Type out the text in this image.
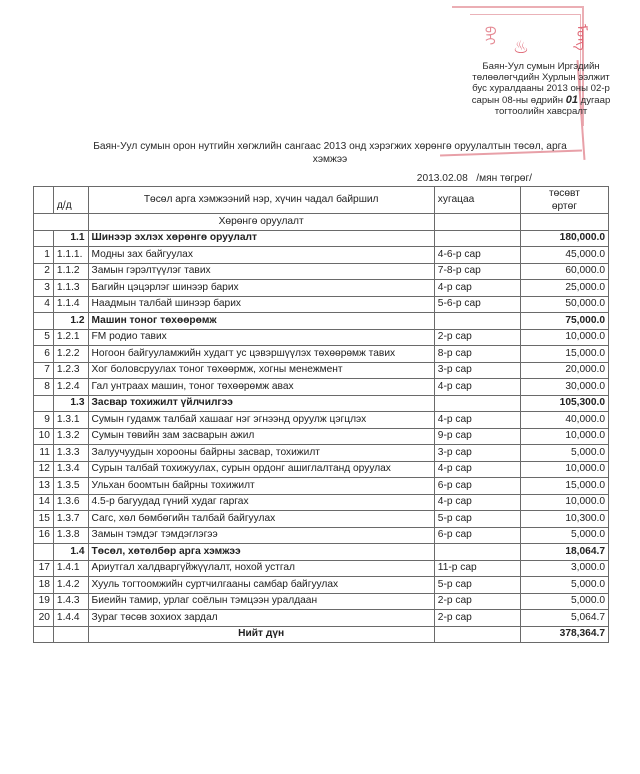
ᠪᠠᠶ
♨	ᠮᠣᠩ
Баян-Уул сумын Иргэдийн
төлөөлөгчдийн Хурлын ээлжит
бус хуралдааны 2013 оны 02-р
сарын 08-ны өдрийн 01 дугаар
тогтоолийн хавсралт
Баян-Уул сумын орон нутгийн хөгжлийн сангаас 2013 онд хэрэгжих хөрөнгө оруулалтын төсөл, арга
хэмжээ
2013.02.08   /мян төгрөг/
	д/д	Төсөл арга хэмжээний нэр, хүчин чадал байршил	хугацаа	төсөвт
өртөг

		Хөрөнгө оруулалт		
	1.1	Шинээр эхлэх хөрөнгө оруулалт		180,000.0
1	1.1.1.	Модны зах байгуулах	4-6-р сар	45,000.0
2	1.1.2	Замын гэрэлтүүлэг тавих	7-8-р сар	60,000.0
3	1.1.3	Багийн цэцэрлэг шинээр барих	4-р сар	25,000.0
4	1.1.4	Наадмын талбай шинээр барих	5-6-р сар	50,000.0
	1.2	Машин тоног төхөөрөмж		75,000.0
5	1.2.1	FM родио тавих	2-р сар	10,000.0
6	1.2.2	Ногоон байгууламжийн худагт ус цэвэршүүлэх төхөөрөмж тавих	8-р сар	15,000.0
7	1.2.3	Хог боловсруулах тоног төхөөрмж, хогны менежмент	3-р сар	20,000.0
8	1.2.4	Гал унтраах машин, тоног төхөөрөмж авах	4-р сар	30,000.0
	1.3	Засвар тохижилт үйлчилгээ		105,300.0
9	1.3.1	Сумын гудамж талбай хашааг нэг эгнээнд оруулж цэгцлэх	4-р сар	40,000.0
10	1.3.2	Сумын төвийн зам засварын ажил	9-р сар	10,000.0
11	1.3.3	Залуучуудын хорооны байрны засвар, тохижилт	3-р сар	5,000.0
12	1.3.4	Сурын талбай тохижуулах, сурын ордонг ашиглалтанд оруулах	4-р сар	10,000.0
13	1.3.5	Ульхан боомтын байрны тохижилт	6-р сар	15,000.0
14	1.3.6	4.5-р багуудад гүний худаг гаргах	4-р сар	10,000.0
15	1.3.7	Сагс, хөл бөмбөгийн талбай байгуулах	5-р сар	10,300.0
16	1.3.8	Замын тэмдэг тэмдэглэгээ	6-р сар	5,000.0
	1.4	Төсөл, хөтөлбөр арга хэмжээ		18,064.7
17	1.4.1	Ариутгал халдваргүйжүүлалт, нохой устгал	11-р сар	3,000.0
18	1.4.2	Хууль тогтоомжийн суртчилгааны самбар байгуулах	5-р сар	5,000.0
19	1.4.3	Биеийн тамир, урлаг соёлын тэмцээн уралдаан	2-р сар	5,000.0
20	1.4.4	Зураг төсөв зохиох зардал	2-р сар	5,064.7
		Нийт дүн		378,364.7
